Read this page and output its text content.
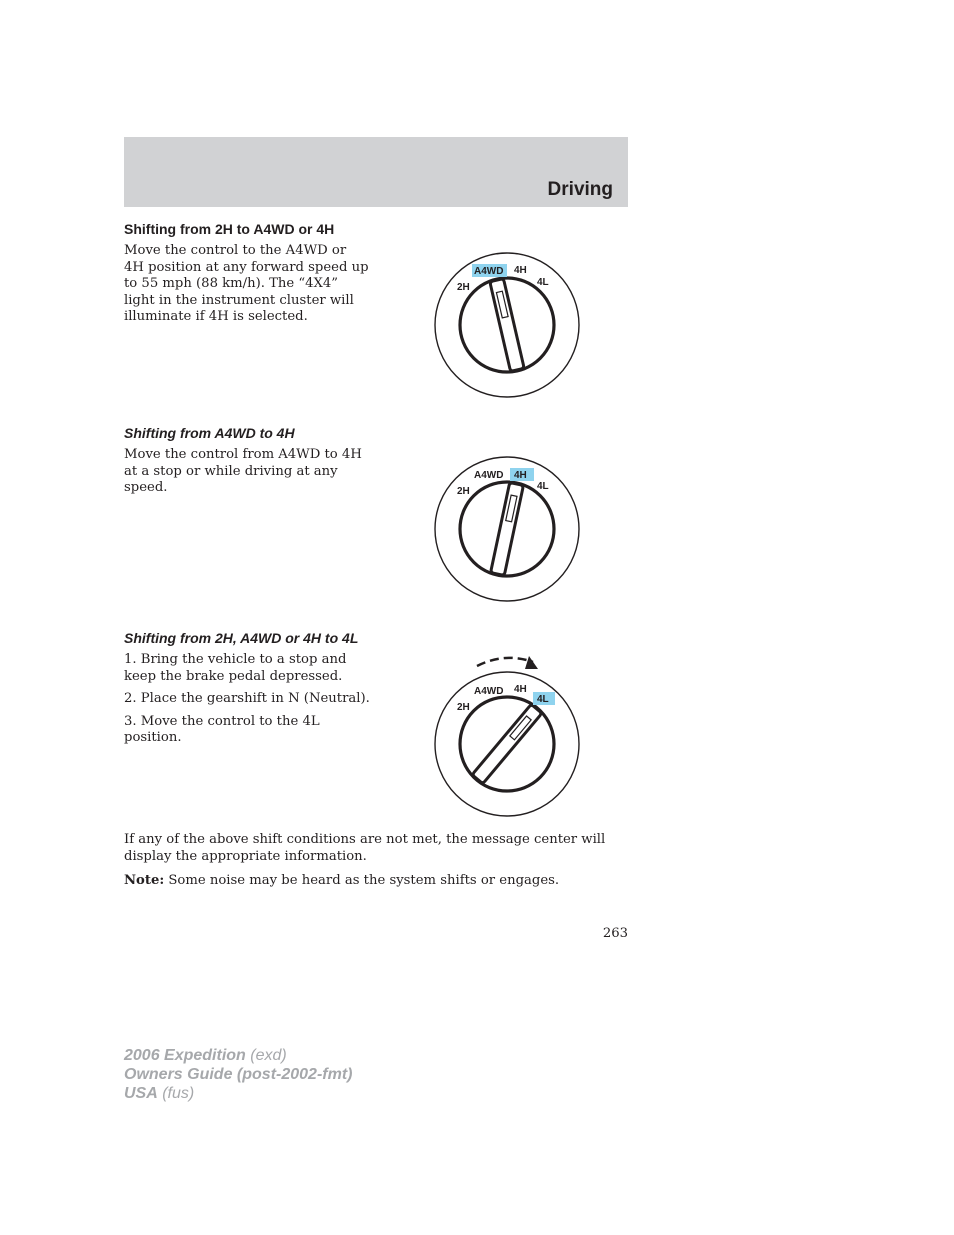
Driving
Shifting from 2H to A4WD or 4H

Move the control to the A4WD or
4H position at any forward speed up
to 55 mph (88 km/h). The “4X4”
light in the instrument cluster will
illuminate if 4H is selected.

A4WD 4H
4L
2H
Shifting from A4WD to 4H

Move the control from A4WD to 4H
at a stop or while driving at any
speed.

A4WD 4H
4L
2H
Shifting from 2H, A4WD or 4H to 4L

1. Bring the vehicle to a stop and
keep the brake pedal depressed.

2. Place the gearshift in N (Neutral).

3. Move the control to the 4L
position.

A4WD 4H
4L
2H

If any of the above shift conditions are not met, the message center will
display the appropriate information.

Note: Some noise may be heard as the system shifts or engages.

263
2006 Expedition (exd)
Owners Guide (post-2002-fmt)
USA (fus)
